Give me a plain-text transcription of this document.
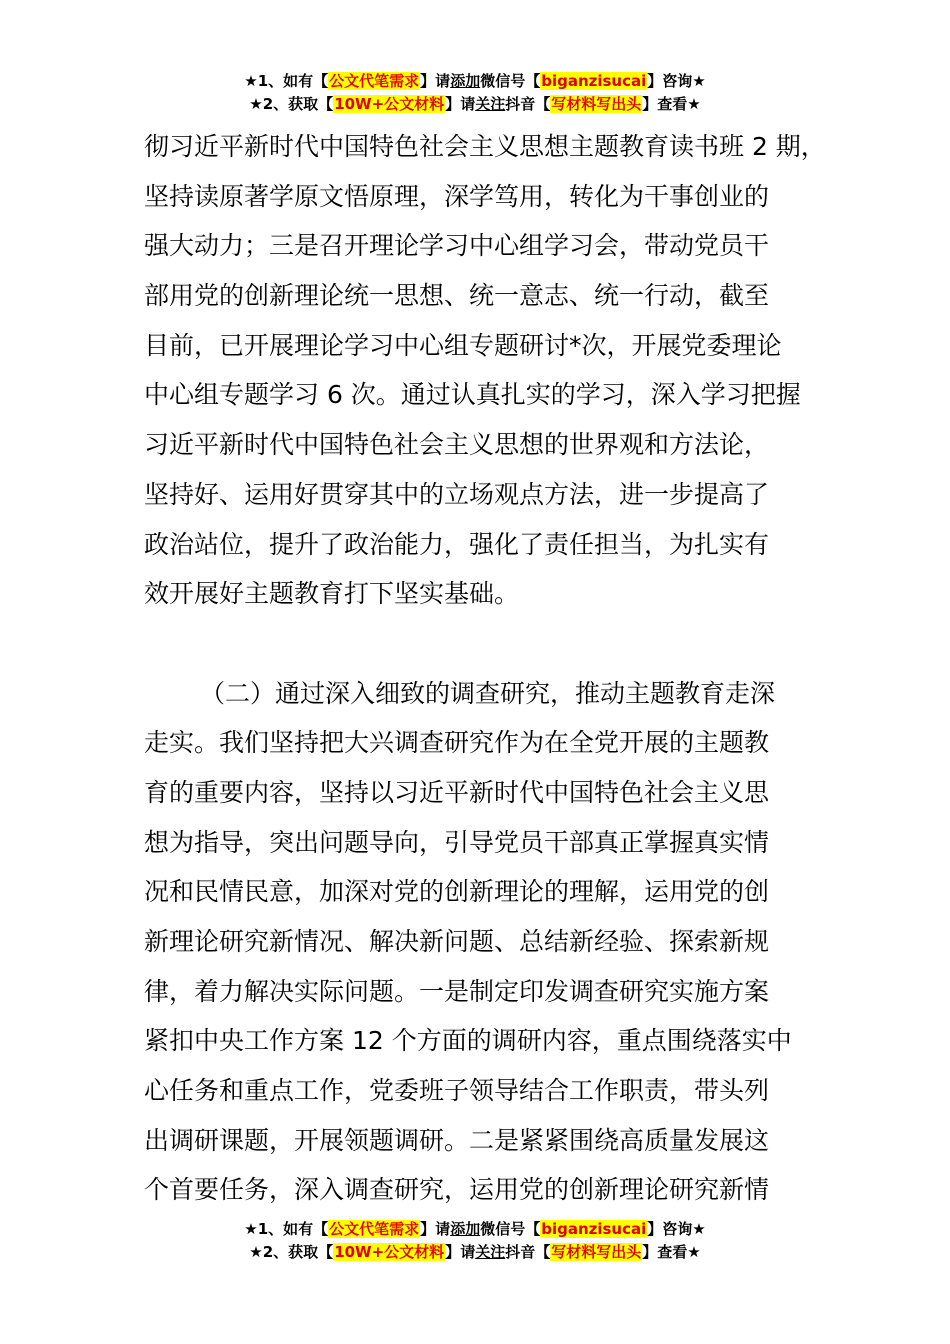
★1、如有【公文代笔需求】请添加微信号【biganzisucai】咨询★
★2、获取【10W+公文材料】请关注抖音【写材料写出头】查看★
彻习近平新时代中国特色社会主义思想主题教育读书班 2 期，
坚持读原著学原文悟原理，深学笃用，转化为干事创业的
强大动力；三是召开理论学习中心组学习会，带动党员干
部用党的创新理论统一思想、统一意志、统一行动，截至
目前，已开展理论学习中心组专题研讨*次，开展党委理论
中心组专题学习 6 次。通过认真扎实的学习，深入学习把握
习近平新时代中国特色社会主义思想的世界观和方法论，
坚持好、运用好贯穿其中的立场观点方法，进一步提高了
政治站位，提升了政治能力，强化了责任担当，为扎实有
效开展好主题教育打下坚实基础。
（二）通过深入细致的调查研究，推动主题教育走深
走实。我们坚持把大兴调查研究作为在全党开展的主题教
育的重要内容，坚持以习近平新时代中国特色社会主义思
想为指导，突出问题导向，引导党员干部真正掌握真实情
况和民情民意，加深对党的创新理论的理解，运用党的创
新理论研究新情况、解决新问题、总结新经验、探索新规
律，着力解决实际问题。一是制定印发调查研究实施方案
紧扣中央工作方案 12 个方面的调研内容，重点围绕落实中
心任务和重点工作，党委班子领导结合工作职责，带头列
出调研课题，开展领题调研。二是紧紧围绕高质量发展这
个首要任务，深入调查研究，运用党的创新理论研究新情
★1、如有【公文代笔需求】请添加微信号【biganzisucai】咨询★
★2、获取【10W+公文材料】请关注抖音【写材料写出头】查看★
